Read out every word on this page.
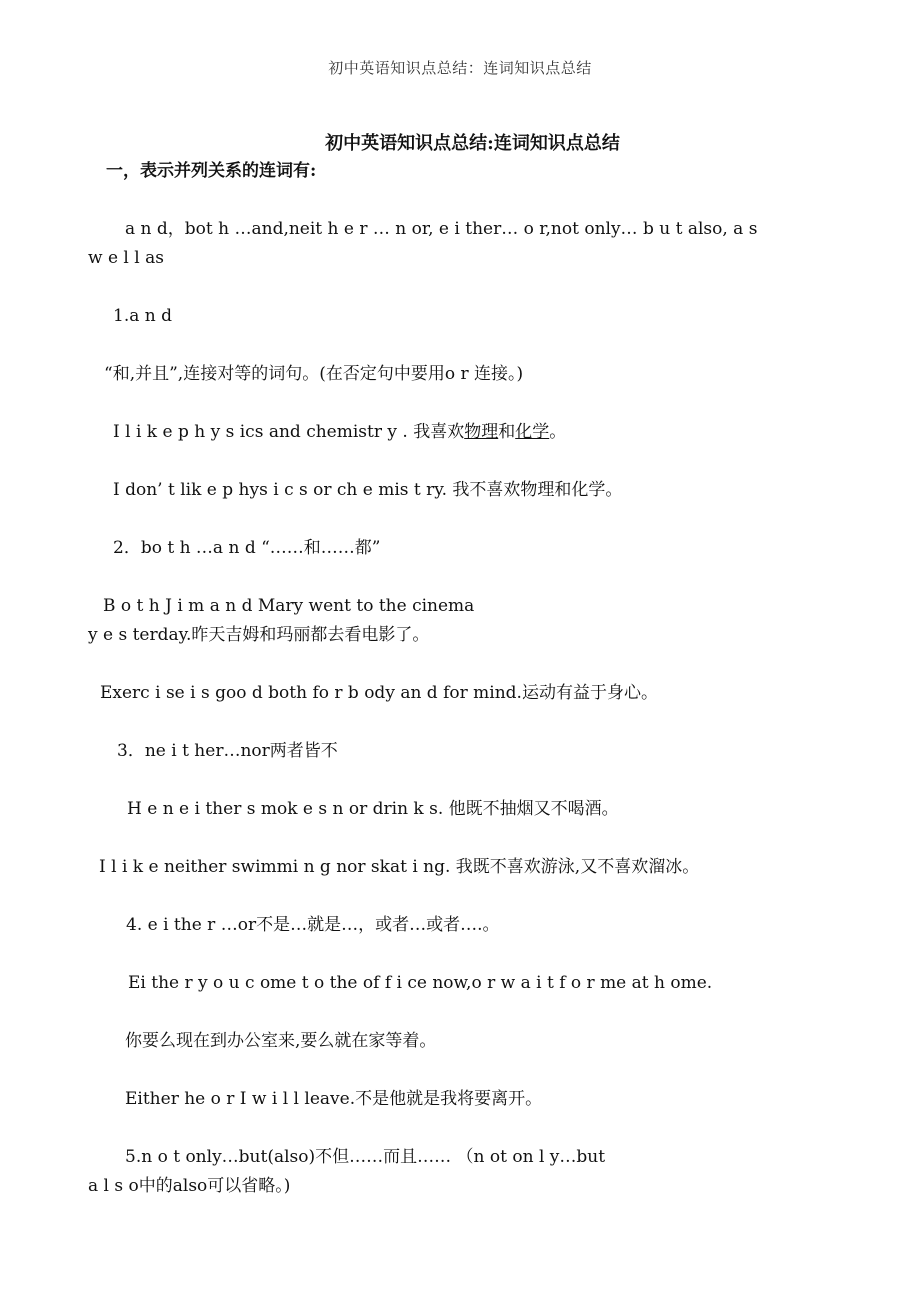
初中英语知识点总结：连词知识点总结
初中英语知识点总结:连词知识点总结
一，表示并列关系的连词有:
a n d，bot h …and,neit h e r … n or, e i ther… o r,not only… b u t also, a s
w e l l as
1.a n d
“和,并且”,连接对等的词句。(在否定句中要用o r 连接。)
I l i k e p h y s ics and chemistr y . 我喜欢物理和化学。
I don’ t lik e p hys i c s or ch e mis t ry. 我不喜欢物理和化学。
2．bo t h …a n d “……和……都”
B o t h J i m a n d Mary went to the cinema
y e s terday.昨天吉姆和玛丽都去看电影了。
Exerc i se i s goo d both fo r b ody an d for mind.运动有益于身心。
3．ne i t her…nor两者皆不
H e n e i ther s mok e s n or drin k s. 他既不抽烟又不喝酒。
I l i k e neither swimmi n g nor skat i ng. 我既不喜欢游泳,又不喜欢溜冰。
4. e i the r …or不是…就是…，或者…或者….。
Ei the r y o u c ome t o the of f i ce now,o r w a i t f o r me at h ome.
你要么现在到办公室来,要么就在家等着。
Either he o r I w i l l leave.不是他就是我将要离开。
5.n o t only…but(also)不但……而且…… （n ot on l y…but
a l s o中的also可以省略。)
